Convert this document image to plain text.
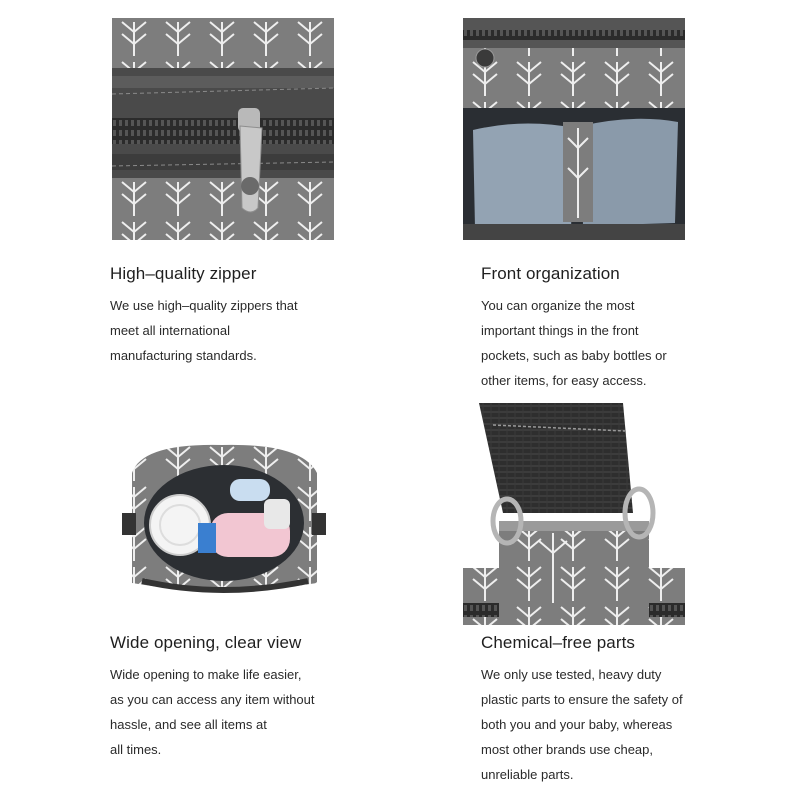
High–quality zipper

We use high–quality zippers that
meet all international
manufacturing standards.

Front organization

You can organize the most
important things in the front
pockets, such as baby bottles or
other items, for easy access.

Wide opening, clear view

Wide opening to make life easier,
as you can access any item without
hassle, and see all items at
all times.

Chemical–free parts

We only use tested, heavy duty
plastic parts to ensure the safety of
both you and your baby, whereas
most other brands use cheap,
unreliable parts.
